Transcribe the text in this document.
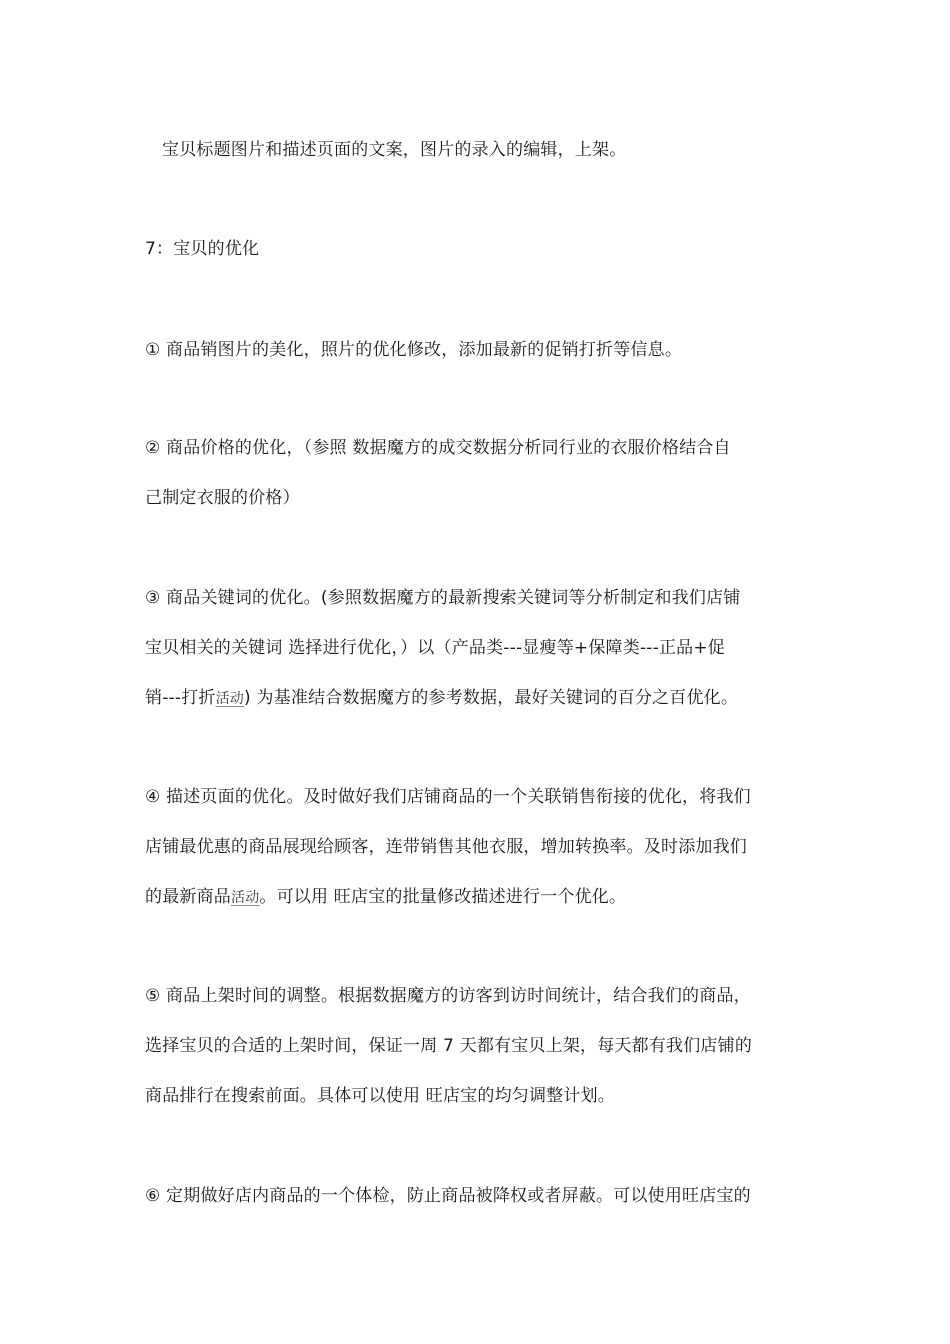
宝贝标题图片和描述页面的文案，图片的录入的编辑，上架。
7：宝贝的优化
① 商品销图片的美化，照片的优化修改，添加最新的促销打折等信息。
② 商品价格的优化，（参照 数据魔方的成交数据分析同行业的衣服价格结合自
己制定衣服的价格）
③ 商品关键词的优化。(参照数据魔方的最新搜索关键词等分析制定和我们店铺
宝贝相关的关键词 选择进行优化，）以（产品类---显瘦等+保障类---正品+促
销---打折活动) 为基准结合数据魔方的参考数据，最好关键词的百分之百优化。
④ 描述页面的优化。及时做好我们店铺商品的一个关联销售衔接的优化，将我们
店铺最优惠的商品展现给顾客，连带销售其他衣服，增加转换率。及时添加我们
的最新商品活动。可以用 旺店宝的批量修改描述进行一个优化。
⑤ 商品上架时间的调整。根据数据魔方的访客到访时间统计，结合我们的商品，
选择宝贝的合适的上架时间，保证一周 7 天都有宝贝上架，每天都有我们店铺的
商品排行在搜索前面。具体可以使用 旺店宝的均匀调整计划。
⑥ 定期做好店内商品的一个体检，防止商品被降权或者屏蔽。可以使用旺店宝的
